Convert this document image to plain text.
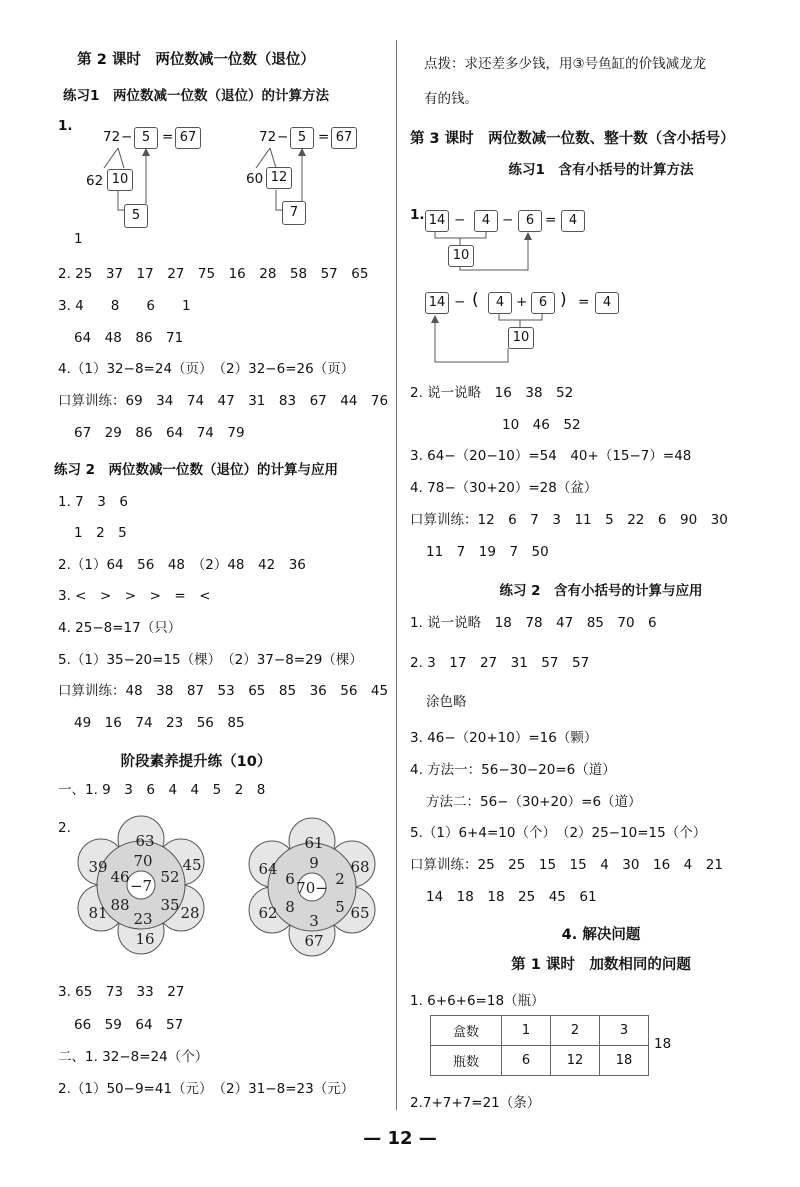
第 2 课时　两位数减一位数（退位）
练习1　两位数减一位数（退位）的计算方法
1.
72 − 5 = 67
62 10
5
72 − 5 = 67
60 12
7
1
2. 25　37　17　27　75　16　28　58　57　65
3. 4　　8　　6　　1
64　48　86　71
4.（1）32−8=24（页）　（2）32−6=26（页）
口算训练：69　34　74　47　31　83　67　44　76
67　29　86　64　74　79
练习 2　两位数减一位数（退位）的计算与应用
1. 7　3　6
1　2　5
2.（1）64　56　48　（2）48　42　36
3. <　>　>　>　=　<
4. 25−8=17（只）
5.（1）35−20=15（棵）　（2）37−8=29（棵）
口算训练：48　38　87　53　65　85　36　56　45
49　16　74　23　56　85
阶段素养提升练（10）
一、1. 9　3　6　4　4　5　2　8
2.
−7
70
52
35
23
88
46
63
45
28
16
81
39
70−
9
2
5
3
8
6
61
68
65
67
62
64
3. 65　73　33　27
66　59　64　57
二、1. 32−8=24（个）
2.（1）50−9=41（元）　（2）31−8=23（元）
点拨：求还差多少钱，用③号鱼缸的价钱减龙龙
有的钱。
第 3 课时　两位数减一位数、整十数（含小括号）
练习1　含有小括号的计算方法
1. 14 −	4 − 6 = 4
10
14 − (	4 + 6 ) =	4
10
2. 说一说略　16　38　52
10　46　52
3. 64−（20−10）=54　40+（15−7）=48
4. 78−（30+20）=28（盆）
口算训练：12　6　7　3　11　5　22　6　90　30
11　7　19　7　50
练习 2　含有小括号的计算与应用
1. 说一说略　18　78　47　85　70　6
2. 3　17　27　31　57　57
涂色略
3. 46−（20+10）=16（颗）
4. 方法一：56−30−20=6（道）
方法二：56−（30+20）=6（道）
5.（1）6+4=10（个）　（2）25−10=15（个）
口算训练：25　25　15　15　4　30　16　4　21
14　18　18　25　45　61
4. 解决问题
第 1 课时　加数相同的问题
1. 6+6+6=18（瓶）
盒数	1	2	3
瓶数	6	12	18
18
2.7+7+7=21（条）
— 12 —
